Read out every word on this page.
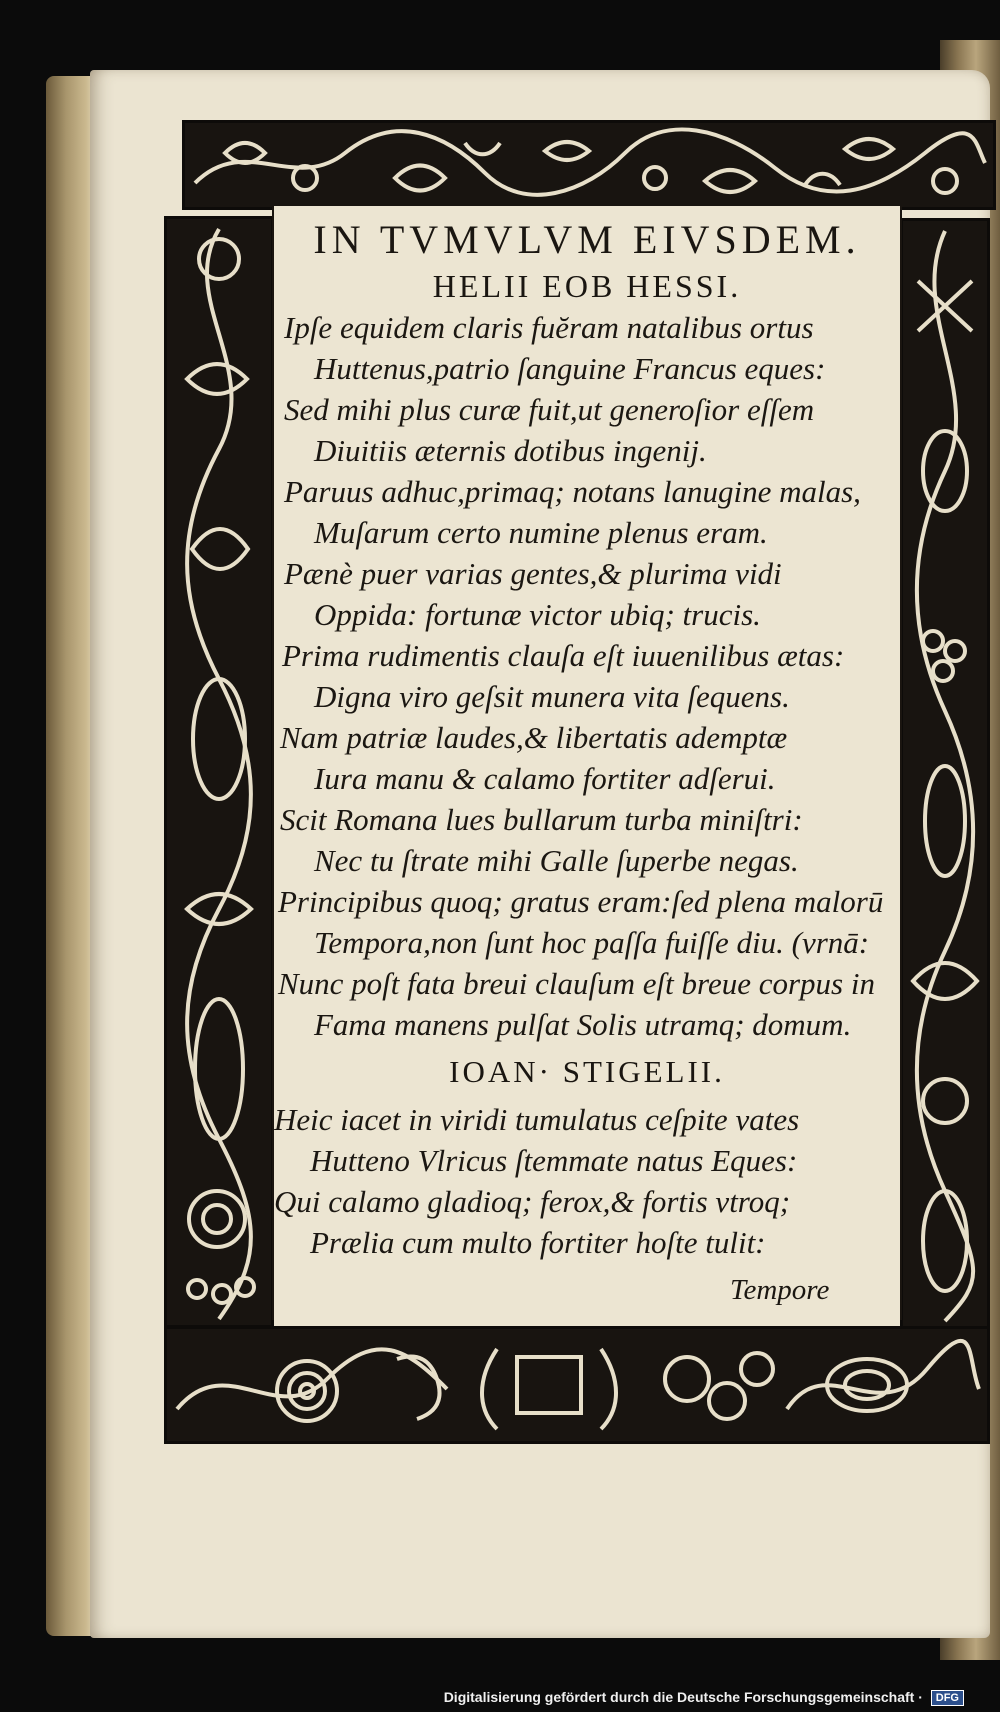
IN TVMVLVM EIVSDEM.
HELII EOB HESSI.
Ipſe equidem claris fuĕram natalibus ortus
Huttenus,patrio ſanguine Francus eques:
Sed mihi plus curæ fuit,ut generoſior eſſem
Diuitiis æternis dotibus ingenij.
Paruus adhuc,primaq; notans lanugine malas,
Muſarum certo numine plenus eram.
Pænè puer varias gentes,& plurima vidi
Oppida: fortunæ victor ubiq; trucis.
Prima rudimentis clauſa eſt iuuenilibus ætas:
Digna viro geſsit munera vita ſequens.
Nam patriæ laudes,& libertatis ademptæ
Iura manu & calamo fortiter adſerui.
Scit Romana lues bullarum turba miniſtri:
Nec tu ſtrate mihi Galle ſuperbe negas.
Principibus quoq; gratus eram:ſed plena malorū
Tempora,non ſunt hoc paſſa fuiſſe diu. (vrnā:
Nunc poſt fata breui clauſum eſt breue corpus in
Fama manens pulſat Solis utramq; domum.
IOAN· STIGELII.
Heic iacet in viridi tumulatus ceſpite vates
Hutteno Vlricus ſtemmate natus Eques:
Qui calamo gladioq; ferox,& fortis vtroq;
Prælia cum multo fortiter hoſte tulit:
Tempore
Digitalisierung gefördert durch die Deutsche Forschungsgemeinschaft · DFG
